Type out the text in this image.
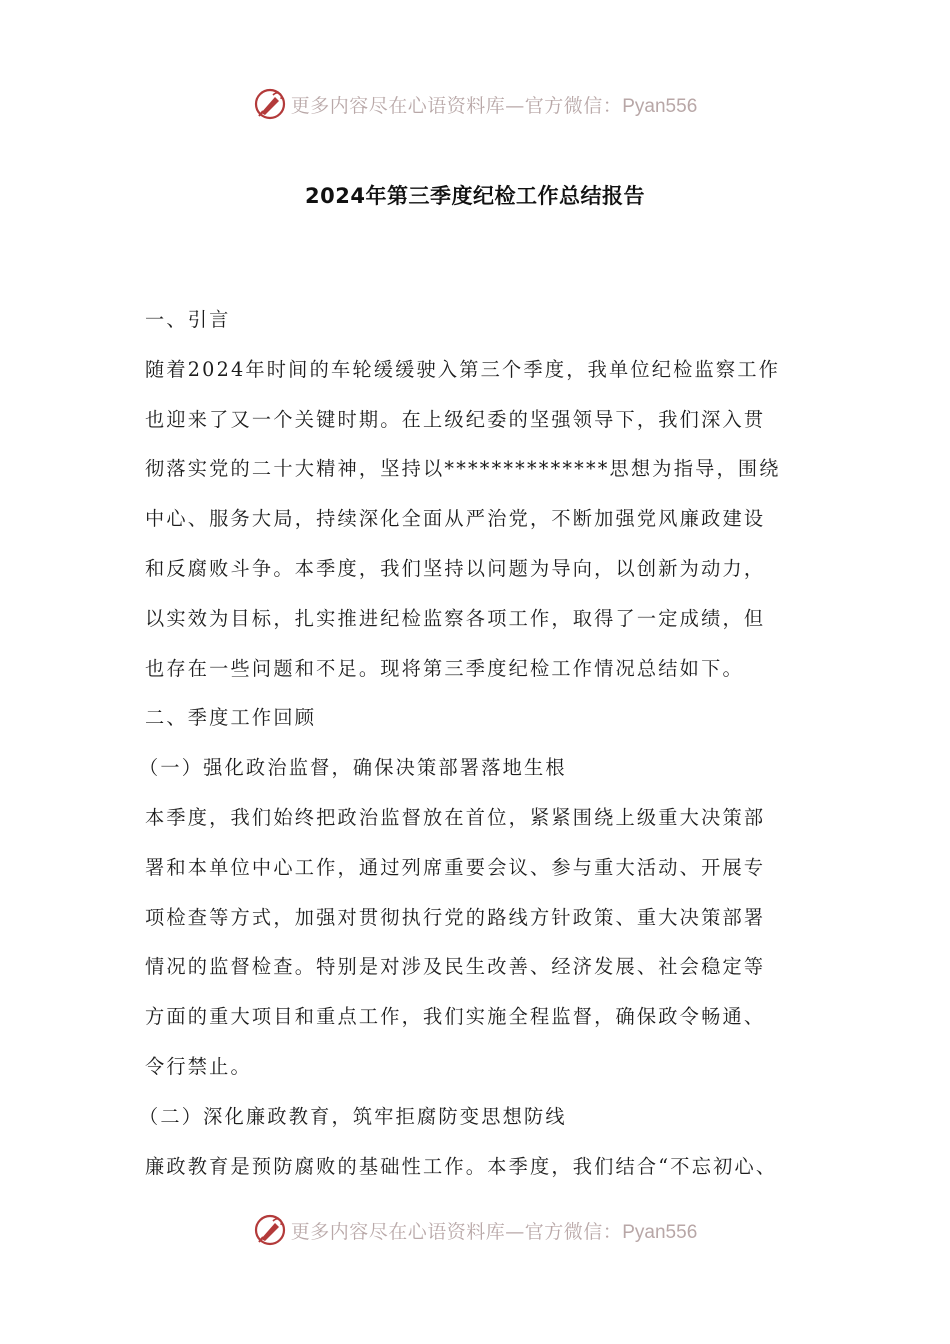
更多内容尽在心语资料库—官方微信：Pyan556
2024年第三季度纪检工作总结报告
一、引言
随着2024年时间的车轮缓缓驶入第三个季度，我单位纪检监察工作
也迎来了又一个关键时期。在上级纪委的坚强领导下，我们深入贯
彻落实党的二十大精神，坚持以**************思想为指导，围绕
中心、服务大局，持续深化全面从严治党，不断加强党风廉政建设
和反腐败斗争。本季度，我们坚持以问题为导向，以创新为动力，
以实效为目标，扎实推进纪检监察各项工作，取得了一定成绩，但
也存在一些问题和不足。现将第三季度纪检工作情况总结如下。
二、季度工作回顾
（一）强化政治监督，确保决策部署落地生根
本季度，我们始终把政治监督放在首位，紧紧围绕上级重大决策部
署和本单位中心工作，通过列席重要会议、参与重大活动、开展专
项检查等方式，加强对贯彻执行党的路线方针政策、重大决策部署
情况的监督检查。特别是对涉及民生改善、经济发展、社会稳定等
方面的重大项目和重点工作，我们实施全程监督，确保政令畅通、
令行禁止。
（二）深化廉政教育，筑牢拒腐防变思想防线
廉政教育是预防腐败的基础性工作。本季度，我们结合“不忘初心、
更多内容尽在心语资料库—官方微信：Pyan556
